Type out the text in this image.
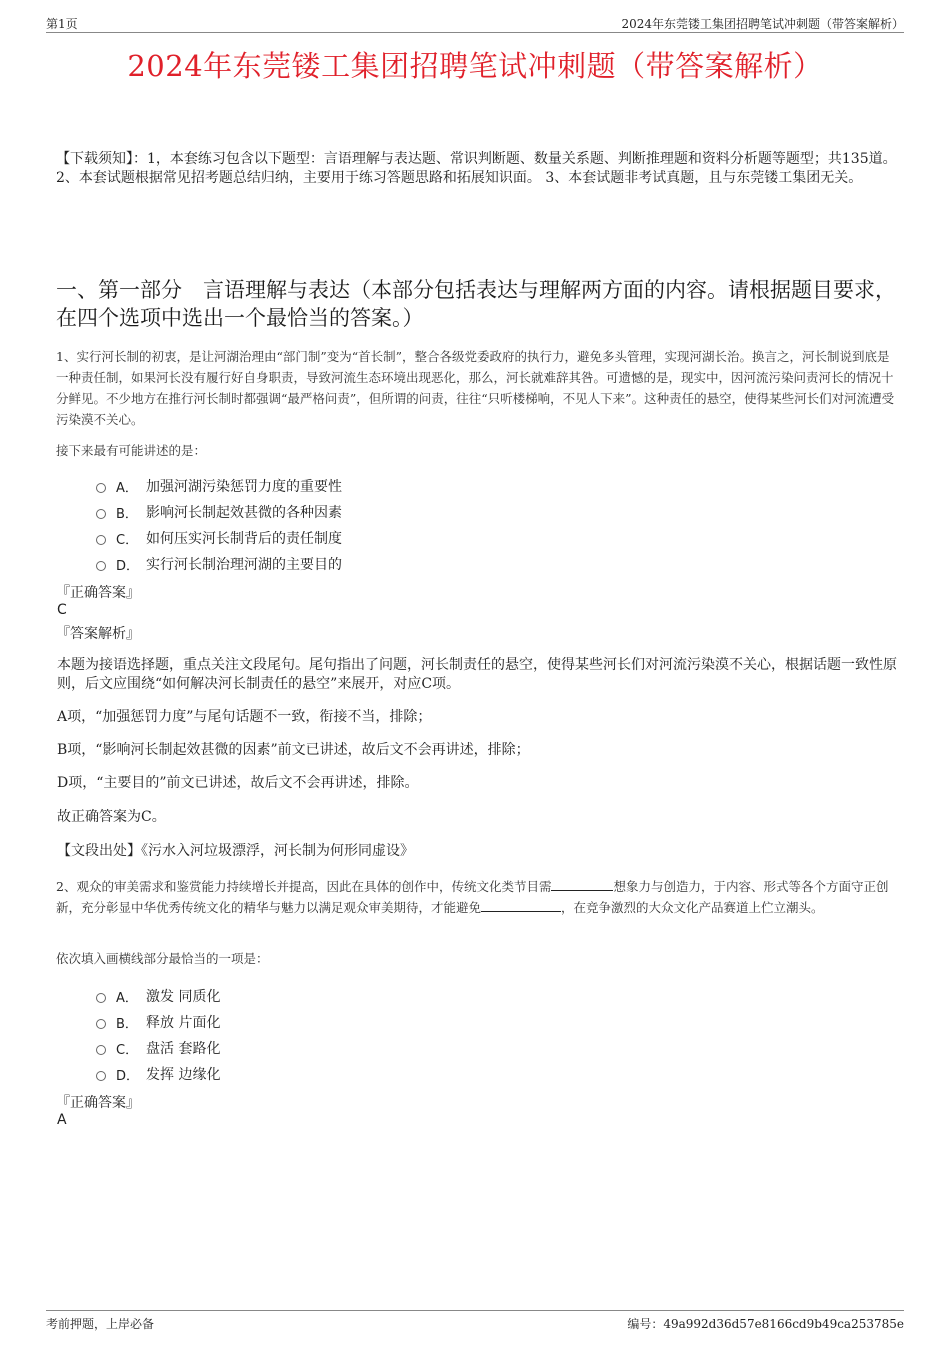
第1页	2024年东莞镂工集团招聘笔试冲刺题（带答案解析）
2024年东莞镂工集团招聘笔试冲刺题（带答案解析）
【下载须知】：1，本套练习包含以下题型：言语理解与表达题、常识判断题、数量关系题、判断推理题和资料分析题等题型；共135道。 2、本套试题根据常见招考题总结归纳，主要用于练习答题思路和拓展知识面。 3、本套试题非考试真题，且与东莞镂工集团无关。
一、第一部分　言语理解与表达（本部分包括表达与理解两方面的内容。请根据题目要求，在四个选项中选出一个最恰当的答案。）
1、实行河长制的初衷，是让河湖治理由“部门制”变为“首长制”，整合各级党委政府的执行力，避免多头管理，实现河湖长治。换言之，河长制说到底是一种责任制，如果河长没有履行好自身职责，导致河流生态环境出现恶化，那么，河长就难辞其咎。可遗憾的是，现实中，因河流污染问责河长的情况十分鲜见。不少地方在推行河长制时都强调“最严格问责”，但所谓的问责，往往“只听楼梯响，不见人下来”。这种责任的悬空，使得某些河长们对河流遭受污染漠不关心。
接下来最有可能讲述的是：
A． 加强河湖污染惩罚力度的重要性
B． 影响河长制起效甚微的各种因素
C． 如何压实河长制背后的责任制度
D． 实行河长制治理河湖的主要目的
『正确答案』
C
『答案解析』
本题为接语选择题，重点关注文段尾句。尾句指出了问题，河长制责任的悬空，使得某些河长们对河流污染漠不关心，根据话题一致性原则，后文应围绕“如何解决河长制责任的悬空”来展开，对应C项。
A项，“加强惩罚力度”与尾句话题不一致，衔接不当，排除；
B项，“影响河长制起效甚微的因素”前文已讲述，故后文不会再讲述，排除；
D项，“主要目的”前文已讲述，故后文不会再讲述，排除。
故正确答案为C。
【文段出处】《污水入河垃圾漂浮，河长制为何形同虚设》
2、观众的审美需求和鉴赏能力持续增长并提高，因此在具体的创作中，传统文化类节目需	想象力与创造力，于内容、形式等各个方面守正创新，充分彰显中华优秀传统文化的精华与魅力以满足观众审美期待，才能避免	，在竞争激烈的大众文化产品赛道上伫立潮头。
依次填入画横线部分最恰当的一项是：
A． 激发 同质化
B． 释放 片面化
C． 盘活 套路化
D． 发挥 边缘化
『正确答案』
A
考前押题，上岸必备	编号：49a992d36d57e8166cd9b49ca253785e
